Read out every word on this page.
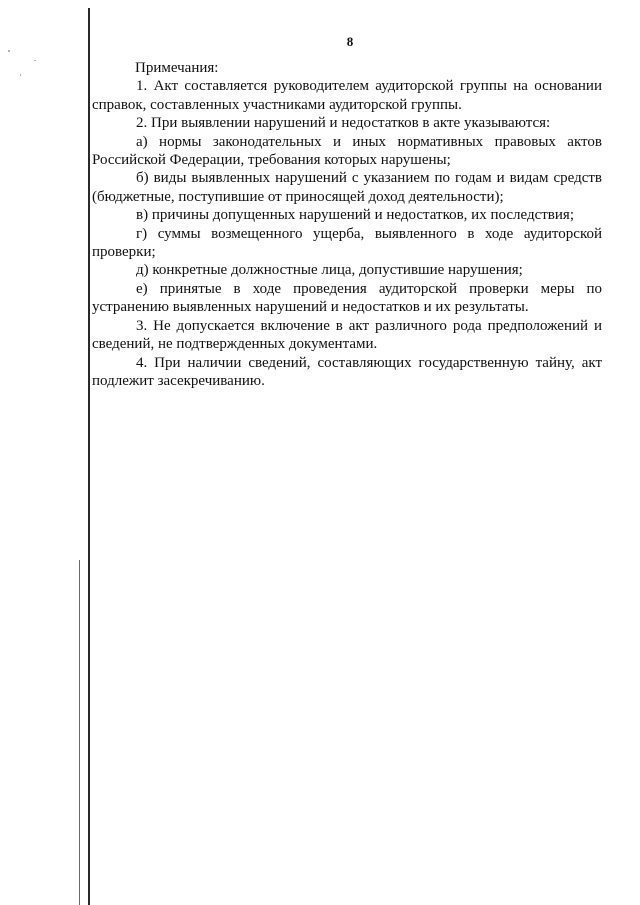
8
Примечания:
1. Акт составляется руководителем аудиторской группы на основании
справок, составленных участниками аудиторской группы.
2. При выявлении нарушений и недостатков в акте указываются:
а) нормы законодательных и иных нормативных правовых актов
Российской Федерации, требования которых нарушены;
б) виды выявленных нарушений с указанием по годам и видам средств
(бюджетные, поступившие от приносящей доход деятельности);
в) причины допущенных нарушений и недостатков, их последствия;
г) суммы возмещенного ущерба, выявленного в ходе аудиторской
проверки;
д) конкретные должностные лица, допустившие нарушения;
е) принятые в ходе проведения аудиторской проверки меры по
устранению выявленных нарушений и недостатков и их результаты.
3. Не допускается включение в акт различного рода предположений и
сведений, не подтвержденных документами.
4. При наличии сведений, составляющих государственную тайну, акт
подлежит засекречиванию.
